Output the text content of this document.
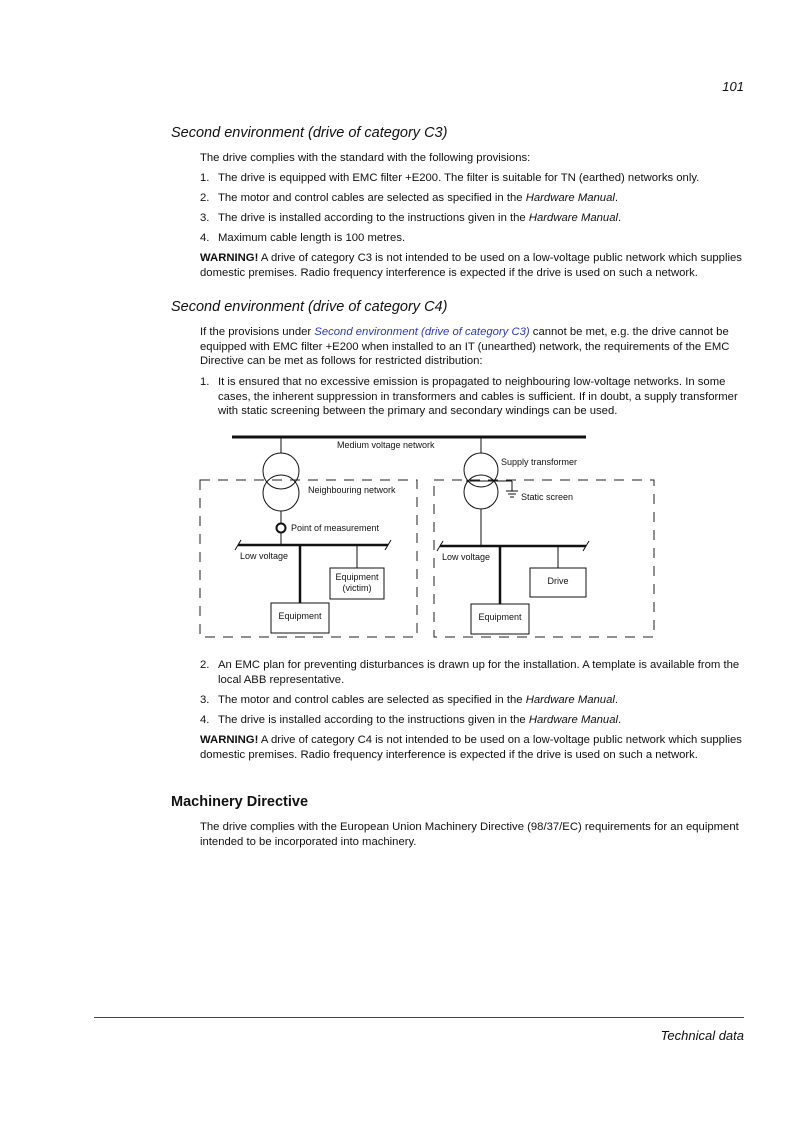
101
Second environment (drive of category C3)
The drive complies with the standard with the following provisions:
1. The drive is equipped with EMC filter +E200. The filter is suitable for TN (earthed) networks only.
2. The motor and control cables are selected as specified in the Hardware Manual.
3. The drive is installed according to the instructions given in the Hardware Manual.
4. Maximum cable length is 100 metres.
WARNING! A drive of category C3 is not intended to be used on a low-voltage public network which supplies domestic premises. Radio frequency interference is expected if the drive is used on such a network.
Second environment (drive of category C4)
If the provisions under Second environment (drive of category C3) cannot be met, e.g. the drive cannot be equipped with EMC filter +E200 when installed to an IT (unearthed) network, the requirements of the EMC Directive can be met as follows for restricted distribution:
1. It is ensured that no excessive emission is propagated to neighbouring low-voltage networks. In some cases, the inherent suppression in transformers and cables is sufficient. If in doubt, a supply transformer with static screening between the primary and secondary windings can be used.
Medium voltage network
Neighbouring network
Point of measurement
Low voltage
Equipment
Equipment
(victim)
Supply transformer
Static screen
Low voltage
Equipment
Drive
2. An EMC plan for preventing disturbances is drawn up for the installation. A template is available from the local ABB representative.
3. The motor and control cables are selected as specified in the Hardware Manual.
4. The drive is installed according to the instructions given in the Hardware Manual.
WARNING! A drive of category C4 is not intended to be used on a low-voltage public network which supplies domestic premises. Radio frequency interference is expected if the drive is used on such a network.
Machinery Directive
The drive complies with the European Union Machinery Directive (98/37/EC) requirements for an equipment intended to be incorporated into machinery.
Technical data
